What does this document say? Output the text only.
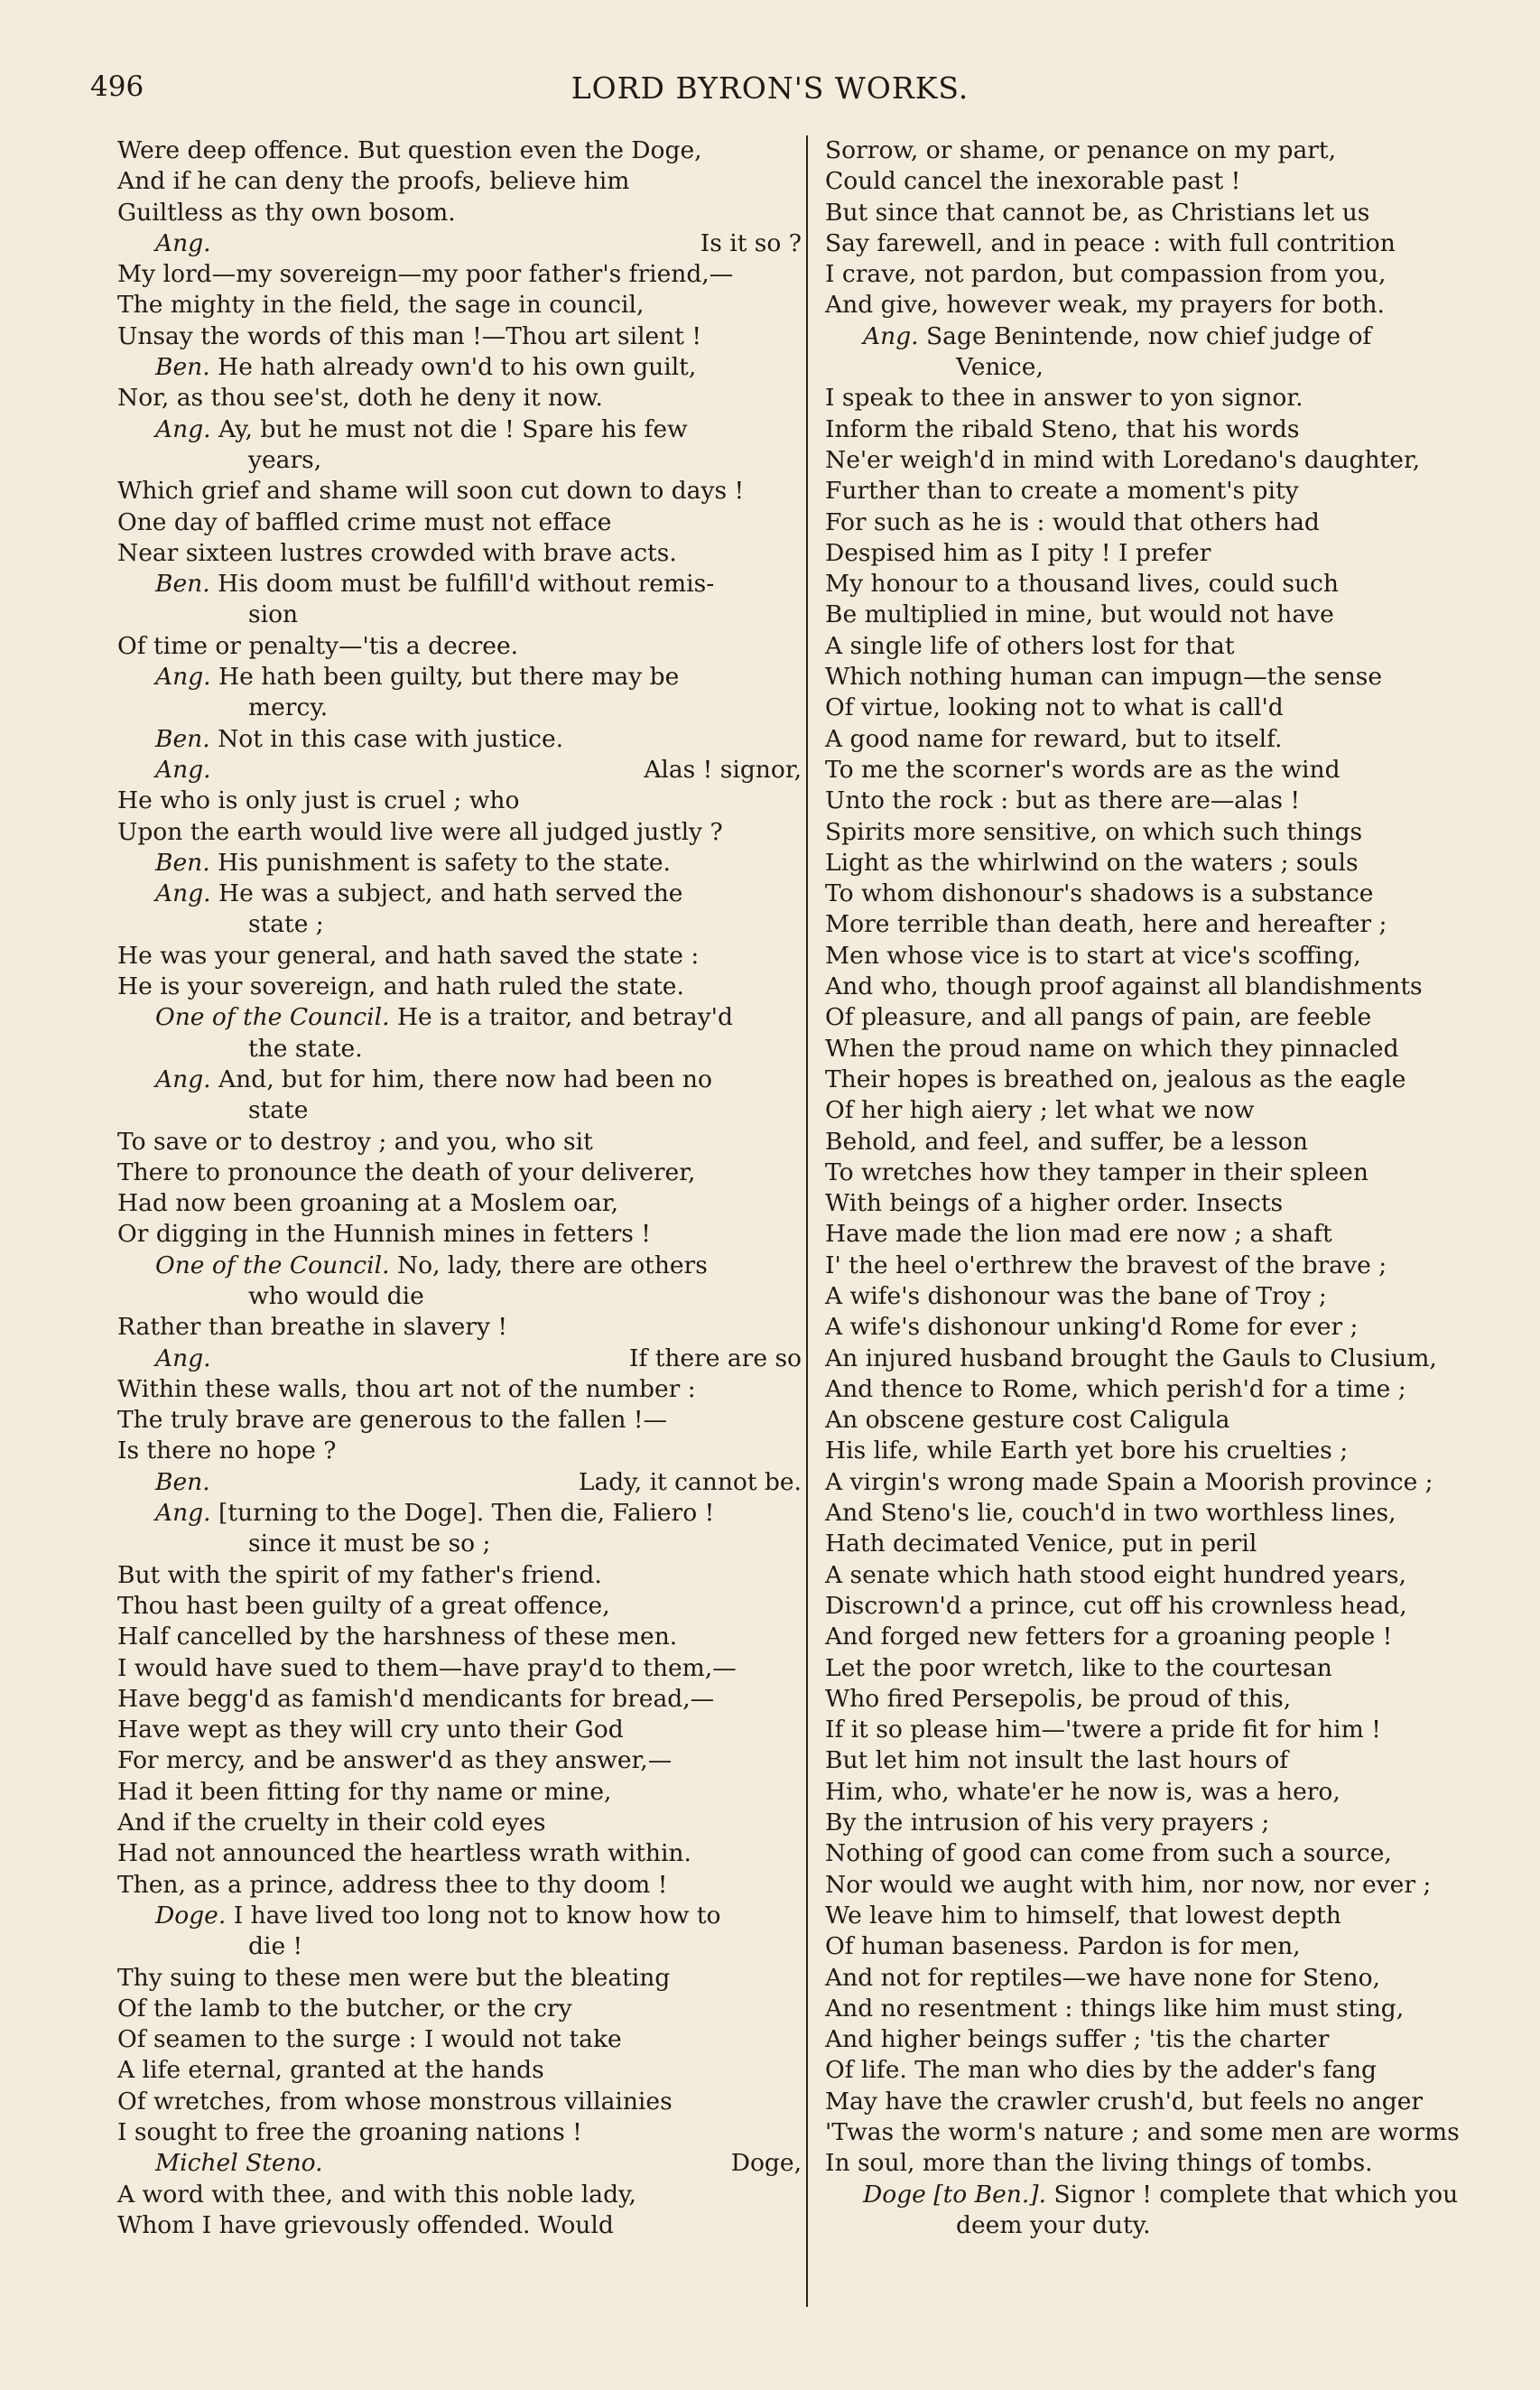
496	LORD BYRON'S WORKS.
Were deep offence. But question even the Doge,
And if he can deny the proofs, believe him
Guiltless as thy own bosom.
Ang.	Is it so ?
My lord—my sovereign—my poor father's friend,—
The mighty in the field, the sage in council,
Unsay the words of this man !—Thou art silent !
Ben. He hath already own'd to his own guilt,
Nor, as thou see'st, doth he deny it now.
Ang. Ay, but he must not die ! Spare his few
years,
Which grief and shame will soon cut down to days !
One day of baffled crime must not efface
Near sixteen lustres crowded with brave acts.
Ben. His doom must be fulfill'd without remis-
sion
Of time or penalty—'tis a decree.
Ang. He hath been guilty, but there may be
mercy.
Ben. Not in this case with justice.
Ang.	Alas ! signor,
He who is only just is cruel ; who
Upon the earth would live were all judged justly ?
Ben. His punishment is safety to the state.
Ang. He was a subject, and hath served the
state ;
He was your general, and hath saved the state :
He is your sovereign, and hath ruled the state.
One of the Council. He is a traitor, and betray'd
the state.
Ang. And, but for him, there now had been no
state
To save or to destroy ; and you, who sit
There to pronounce the death of your deliverer,
Had now been groaning at a Moslem oar,
Or digging in the Hunnish mines in fetters !
One of the Council. No, lady, there are others
who would die
Rather than breathe in slavery !
Ang.	If there are so
Within these walls, thou art not of the number :
The truly brave are generous to the fallen !—
Is there no hope ?
Ben.	Lady, it cannot be.
Ang. [turning to the Doge]. Then die, Faliero !
since it must be so ;
But with the spirit of my father's friend.
Thou hast been guilty of a great offence,
Half cancelled by the harshness of these men.
I would have sued to them—have pray'd to them,—
Have begg'd as famish'd mendicants for bread,—
Have wept as they will cry unto their God
For mercy, and be answer'd as they answer,—
Had it been fitting for thy name or mine,
And if the cruelty in their cold eyes
Had not announced the heartless wrath within.
Then, as a prince, address thee to thy doom !
Doge. I have lived too long not to know how to
die !
Thy suing to these men were but the bleating
Of the lamb to the butcher, or the cry
Of seamen to the surge : I would not take
A life eternal, granted at the hands
Of wretches, from whose monstrous villainies
I sought to free the groaning nations !
Michel Steno.	Doge,
A word with thee, and with this noble lady,
Whom I have grievously offended. Would
Sorrow, or shame, or penance on my part,
Could cancel the inexorable past !
But since that cannot be, as Christians let us
Say farewell, and in peace : with full contrition
I crave, not pardon, but compassion from you,
And give, however weak, my prayers for both.
Ang. Sage Benintende, now chief judge of
Venice,
I speak to thee in answer to yon signor.
Inform the ribald Steno, that his words
Ne'er weigh'd in mind with Loredano's daughter,
Further than to create a moment's pity
For such as he is : would that others had
Despised him as I pity ! I prefer
My honour to a thousand lives, could such
Be multiplied in mine, but would not have
A single life of others lost for that
Which nothing human can impugn—the sense
Of virtue, looking not to what is call'd
A good name for reward, but to itself.
To me the scorner's words are as the wind
Unto the rock : but as there are—alas !
Spirits more sensitive, on which such things
Light as the whirlwind on the waters ; souls
To whom dishonour's shadows is a substance
More terrible than death, here and hereafter ;
Men whose vice is to start at vice's scoffing,
And who, though proof against all blandishments
Of pleasure, and all pangs of pain, are feeble
When the proud name on which they pinnacled
Their hopes is breathed on, jealous as the eagle
Of her high aiery ; let what we now
Behold, and feel, and suffer, be a lesson
To wretches how they tamper in their spleen
With beings of a higher order. Insects
Have made the lion mad ere now ; a shaft
I' the heel o'erthrew the bravest of the brave ;
A wife's dishonour was the bane of Troy ;
A wife's dishonour unking'd Rome for ever ;
An injured husband brought the Gauls to Clusium,
And thence to Rome, which perish'd for a time ;
An obscene gesture cost Caligula
His life, while Earth yet bore his cruelties ;
A virgin's wrong made Spain a Moorish province ;
And Steno's lie, couch'd in two worthless lines,
Hath decimated Venice, put in peril
A senate which hath stood eight hundred years,
Discrown'd a prince, cut off his crownless head,
And forged new fetters for a groaning people !
Let the poor wretch, like to the courtesan
Who fired Persepolis, be proud of this,
If it so please him—'twere a pride fit for him !
But let him not insult the last hours of
Him, who, whate'er he now is, was a hero,
By the intrusion of his very prayers ;
Nothing of good can come from such a source,
Nor would we aught with him, nor now, nor ever ;
We leave him to himself, that lowest depth
Of human baseness. Pardon is for men,
And not for reptiles—we have none for Steno,
And no resentment : things like him must sting,
And higher beings suffer ; 'tis the charter
Of life. The man who dies by the adder's fang
May have the crawler crush'd, but feels no anger
'Twas the worm's nature ; and some men are worms
In soul, more than the living things of tombs.
Doge [to Ben.]. Signor ! complete that which you
deem your duty.
